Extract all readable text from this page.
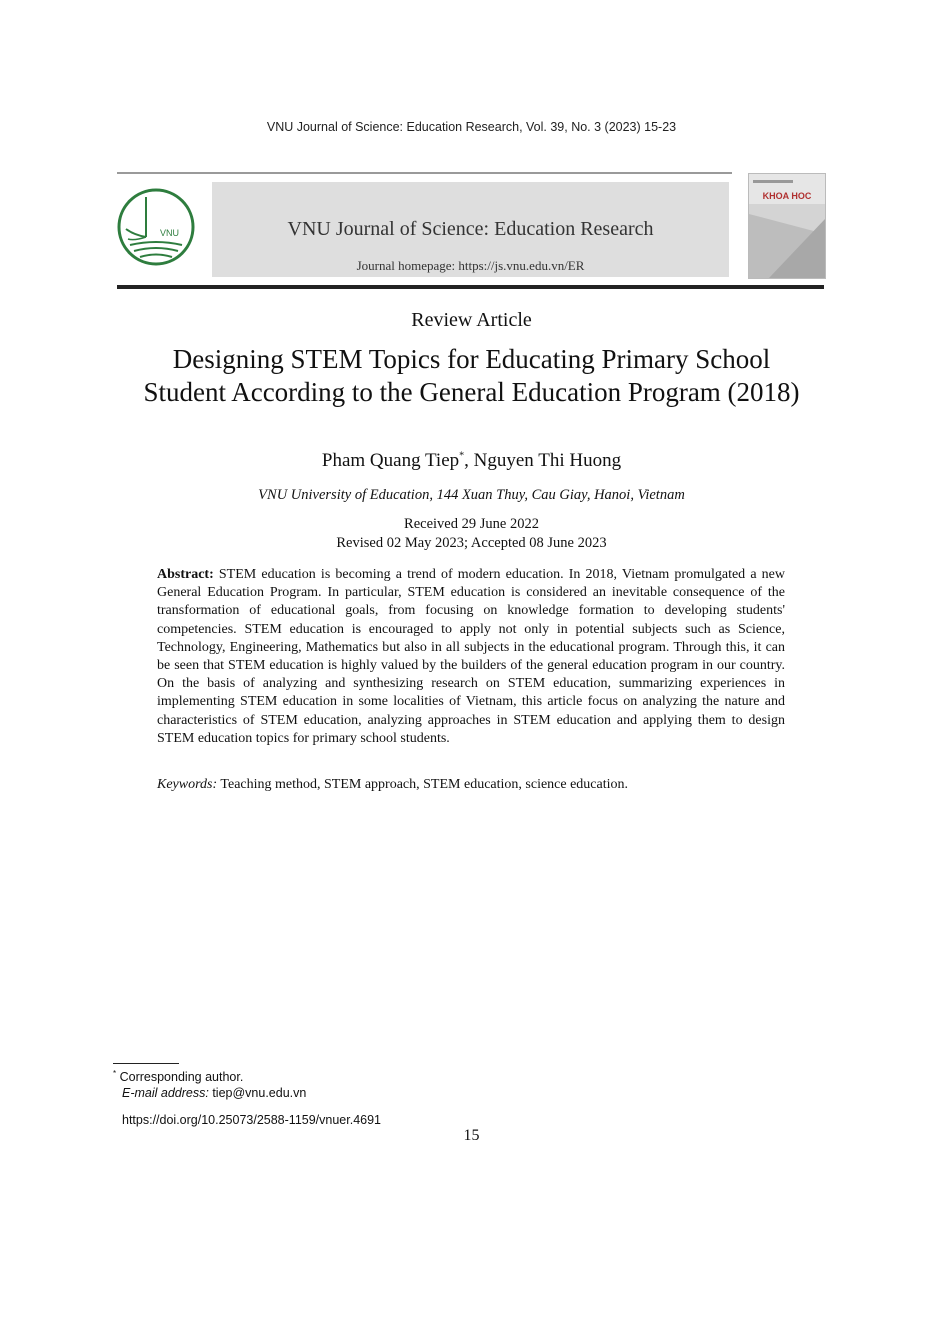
VNU Journal of Science: Education Research, Vol. 39, No. 3 (2023) 15-23
VNU	VNU Journal of Science: Education Research
Journal homepage: https://js.vnu.edu.vn/ER
KHOA HOC
Review Article
Designing STEM Topics for Educating Primary School
Student According to the General Education Program (2018)
Pham Quang Tiep*, Nguyen Thi Huong
VNU University of Education, 144 Xuan Thuy, Cau Giay, Hanoi, Vietnam
Received 29 June 2022
Revised 02 May 2023; Accepted 08 June 2023
Abstract: STEM education is becoming a trend of modern education. In 2018, Vietnam promulgated a new General Education Program. In particular, STEM education is considered an inevitable consequence of the transformation of educational goals, from focusing on knowledge formation to developing students' competencies. STEM education is encouraged to apply not only in potential subjects such as Science, Technology, Engineering, Mathematics but also in all subjects in the educational program. Through this, it can be seen that STEM education is highly valued by the builders of the general education program in our country. On the basis of analyzing and synthesizing research on STEM education, summarizing experiences in implementing STEM education in some localities of Vietnam, this article focus on analyzing the nature and characteristics of STEM education, analyzing approaches in STEM education and applying them to design STEM education topics for primary school students.
Keywords: Teaching method, STEM approach, STEM education, science education.
* Corresponding author.
E-mail address: tiep@vnu.edu.vn
https://doi.org/10.25073/2588-1159/vnuer.4691
15
